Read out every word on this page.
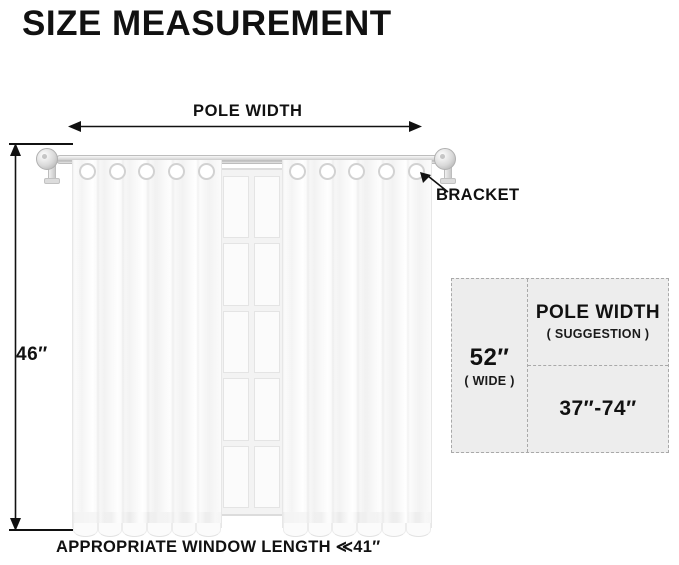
SIZE MEASUREMENT
POLE WIDTH
46″
BRACKET
APPROPRIATE WINDOW LENGTH ≪41″
52″
( WIDE )
POLE WIDTH
( SUGGESTION )
37″-74″
